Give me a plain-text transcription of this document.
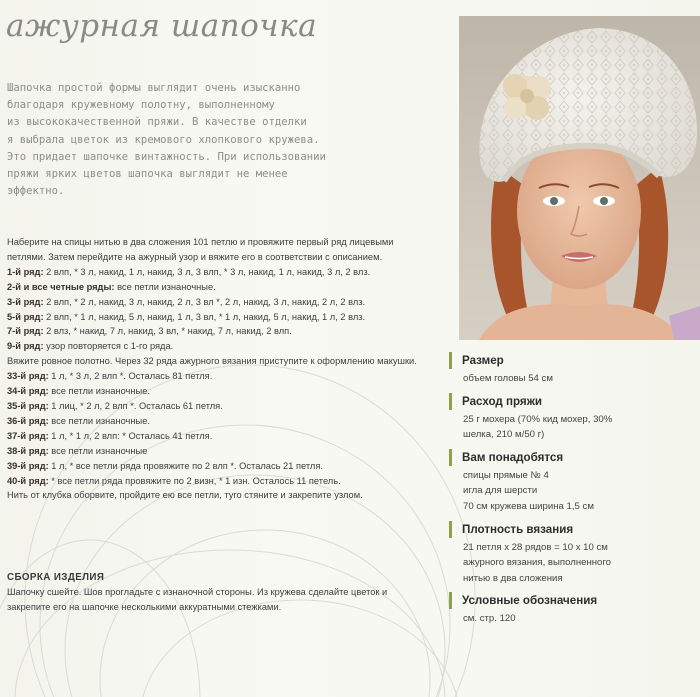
ажурная шапочка

Шапочка простой формы выглядит очень изысканно

благодаря кружевному полотну, выполненному

из высококачественной пряжи. В качестве отделки

я выбрала цветок из кремового хлопкового кружева.

Это придает шапочке винтажность. При использовании

пряжи ярких цветов шапочка выглядит не менее

эффектно.

Наберите на спицы нитью в два сложения 101 петлю и провяжите первый ряд лицевыми петлями. Затем перейдите на ажурный узор и вяжите его в соответствии с описанием.
1-й ряд: 2 влп, * 3 л, накид, 1 л, накид, 3 л, 3 влп, * 3 л, накид, 1 л, накид, 3 л, 2 влз.
2-й и все четные ряды: все петли изнаночные.
3-й ряд: 2 влп, * 2 л, накид, 3 л, накид, 2 л, 3 вл *, 2 л, накид, 3 л, накид, 2 л, 2 влз.
5-й ряд: 2 влп, * 1 л, накид, 5 л, накид, 1 л, 3 вл, * 1 л, накид, 5 л, накид, 1 л, 2 влз.
7-й ряд: 2 влз, * накид, 7 л, накид, 3 вл, * накид, 7 л, накид, 2 влп.
9-й ряд: узор повторяется с 1-го ряда.
Вяжите ровное полотно. Через 32 ряда ажурного вязания приступите к оформлению макушки.
33-й ряд: 1 л, * 3 л, 2 влп *. Осталась 81 петля.
34-й ряд: все петли изнаночные.
35-й ряд: 1 лиц, * 2 л, 2 влп *. Осталась 61 петля.
36-й ряд: все петли изнаночные.
37-й ряд: 1 л, * 1 л, 2 влп: * Осталась 41 петля.
38-й ряд: все петли изнаночные
39-й ряд: 1 л, * все петли ряда провяжите по 2 влп *. Осталась 21 петля.
40-й ряд: * все петли ряда провяжите по 2 визн, * 1 изн. Осталось 11 петель.
Нить от клубка оборвите, пройдите ею все петли, туго стяните и закрепите узлом.
СБОРКА ИЗДЕЛИЯ
Шапочку сшейте. Шов прогладьте с изнаночной стороны. Из кружева сделайте цветок и закрепите его на шапочке несколькими аккуратными стежками.
Размер
объем головы 54 см
Расход пряжи
25 г мохера (70% кид мохер, 30%
шелка, 210 м/50 г)
Вам понадобятся
спицы прямые № 4
игла для шерсти
70 см кружева ширина 1,5 см
Плотность вязания
21 петля х 28 рядов = 10 х 10 см
ажурного вязания, выполненного
нитью в два сложения
Условные обозначения
см. стр. 120
